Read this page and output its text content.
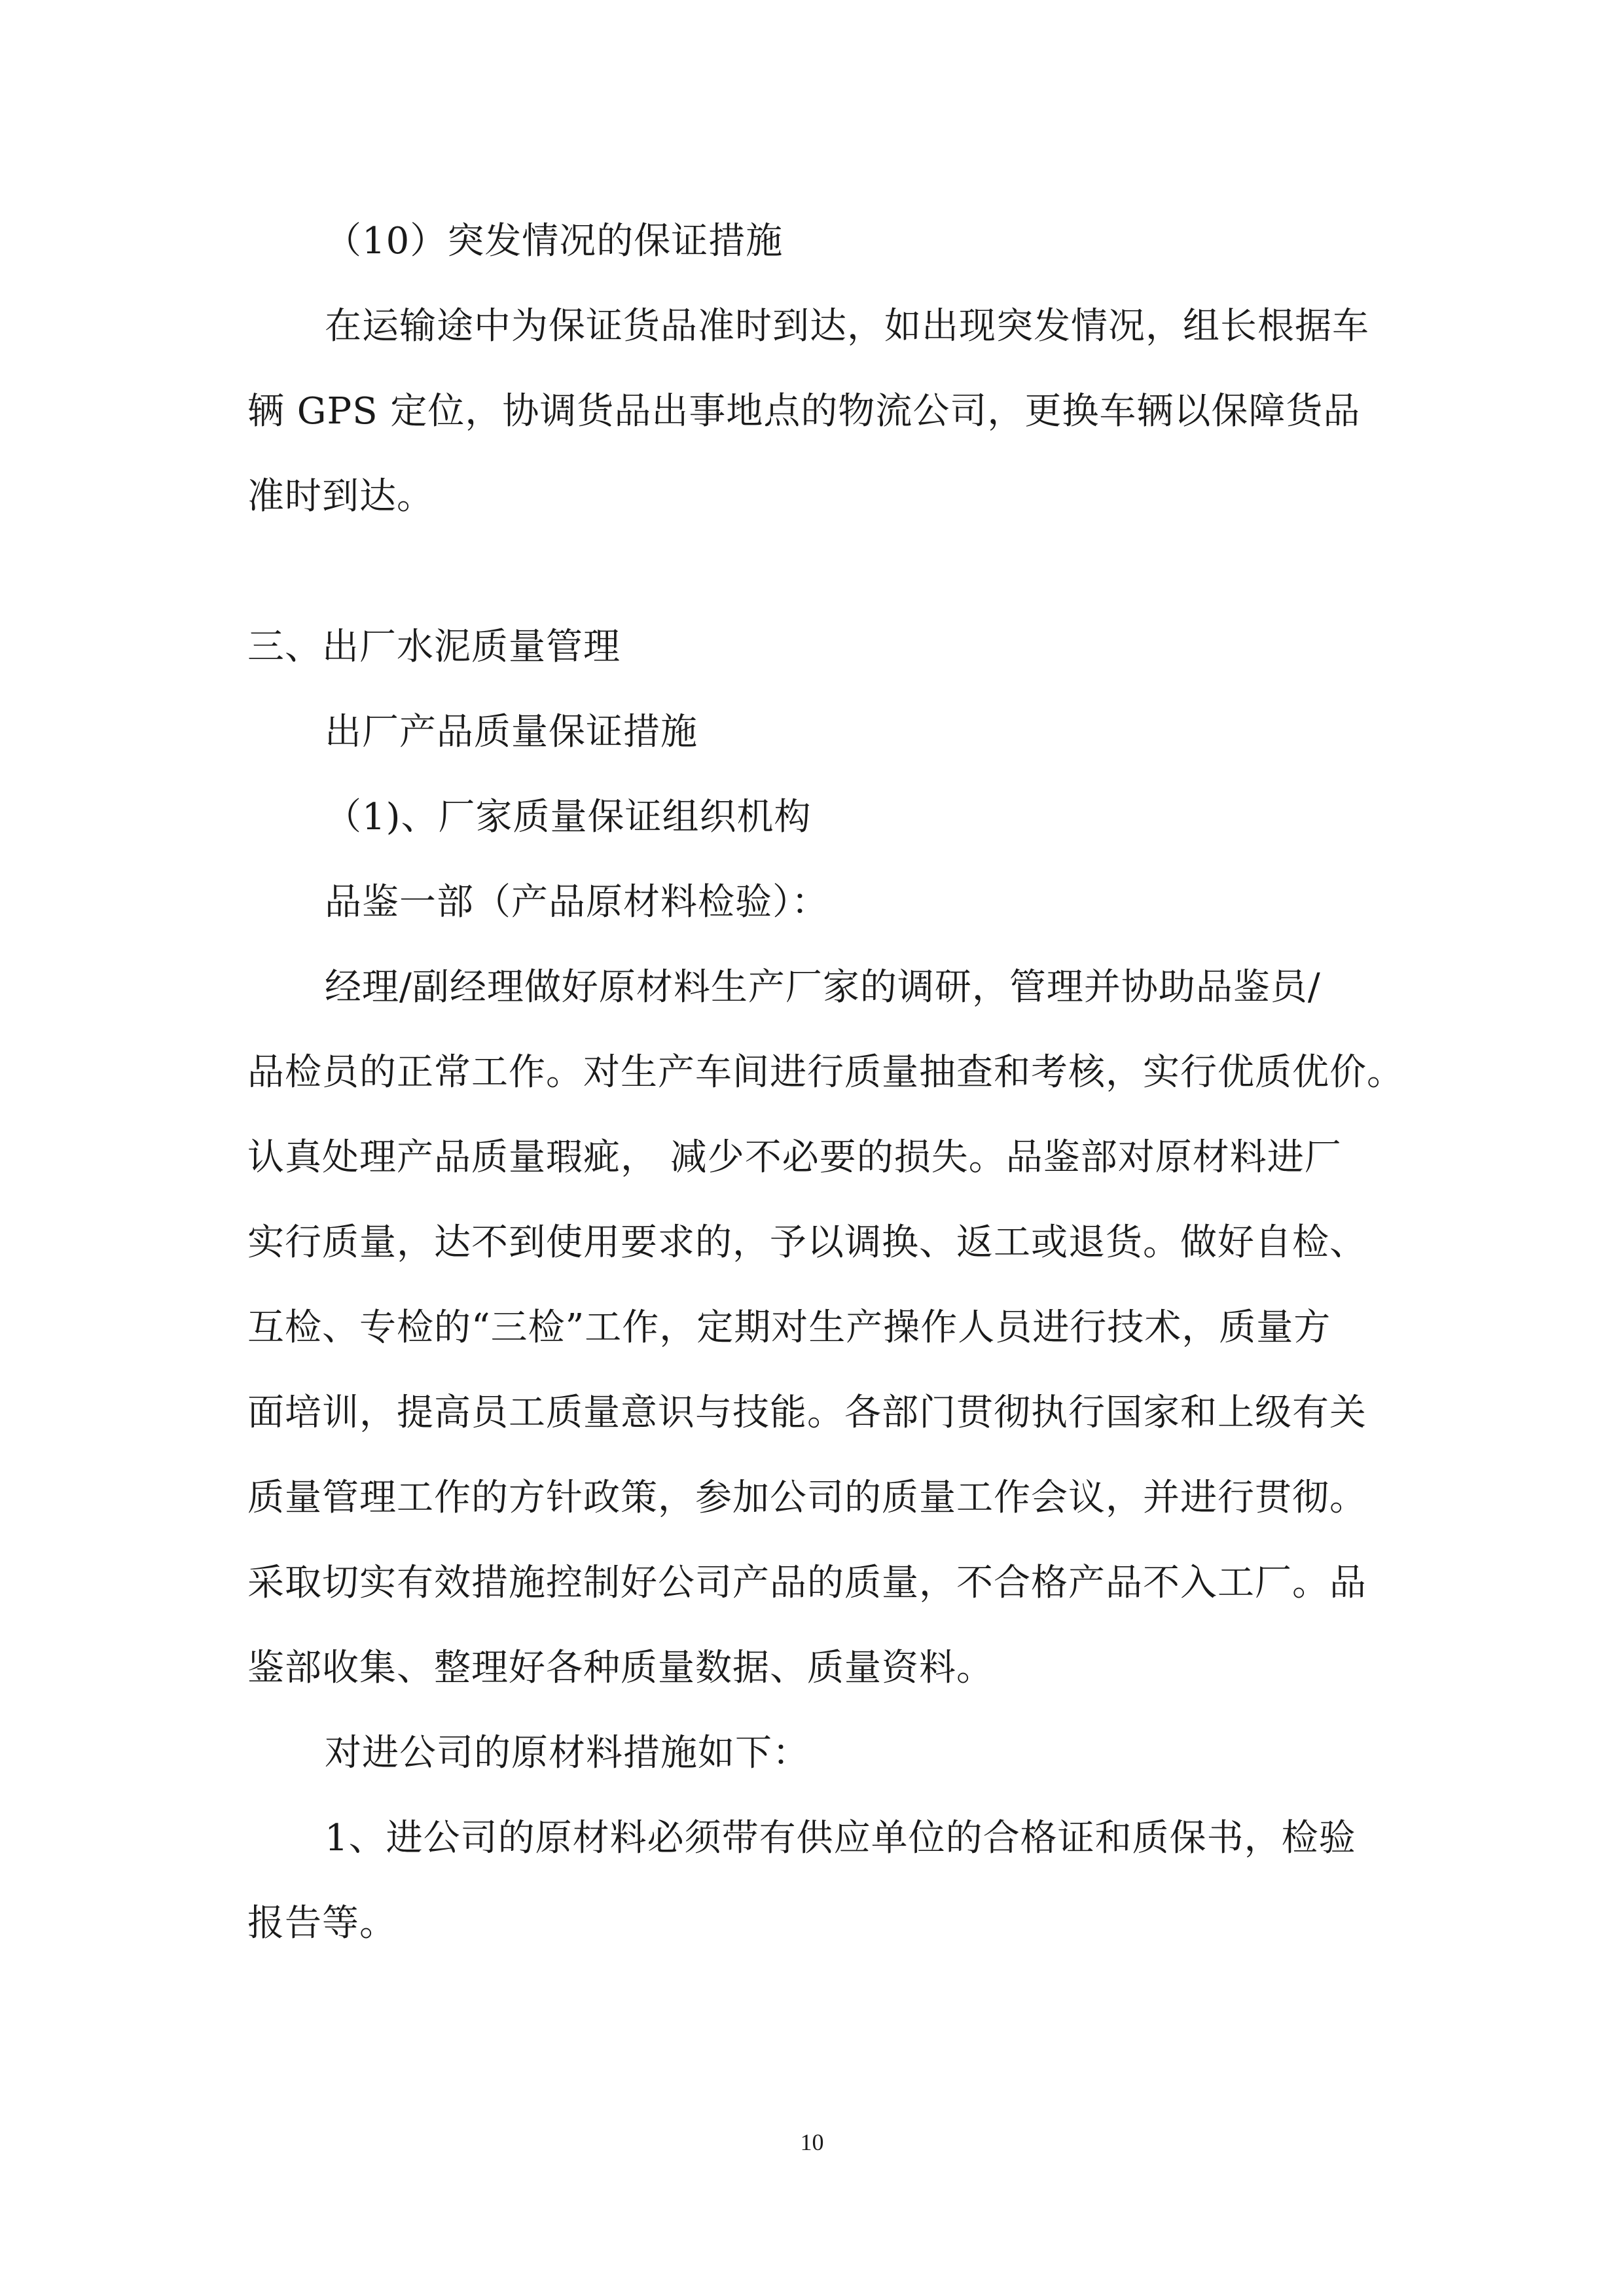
（10）突发情况的保证措施
在运输途中为保证货品准时到达，如出现突发情况，组长根据车
辆 GPS 定位，协调货品出事地点的物流公司，更换车辆以保障货品
准时到达。
三、出厂水泥质量管理
出厂产品质量保证措施
（1)、厂家质量保证组织机构
品鉴一部（产品原材料检验）：
经理/副经理做好原材料生产厂家的调研，管理并协助品鉴员/
品检员的正常工作。对生产车间进行质量抽查和考核，实行优质优价。
认真处理产品质量瑕疵， 减少不必要的损失。品鉴部对原材料进厂
实行质量，达不到使用要求的，予以调换、返工或退货。做好自检、
互检、专检的“三检”工作，定期对生产操作人员进行技术，质量方
面培训，提高员工质量意识与技能。各部门贯彻执行国家和上级有关
质量管理工作的方针政策，参加公司的质量工作会议，并进行贯彻。
采取切实有效措施控制好公司产品的质量，不合格产品不入工厂。品
鉴部收集、整理好各种质量数据、质量资料。
对进公司的原材料措施如下：
1、进公司的原材料必须带有供应单位的合格证和质保书，检验
报告等。
10
